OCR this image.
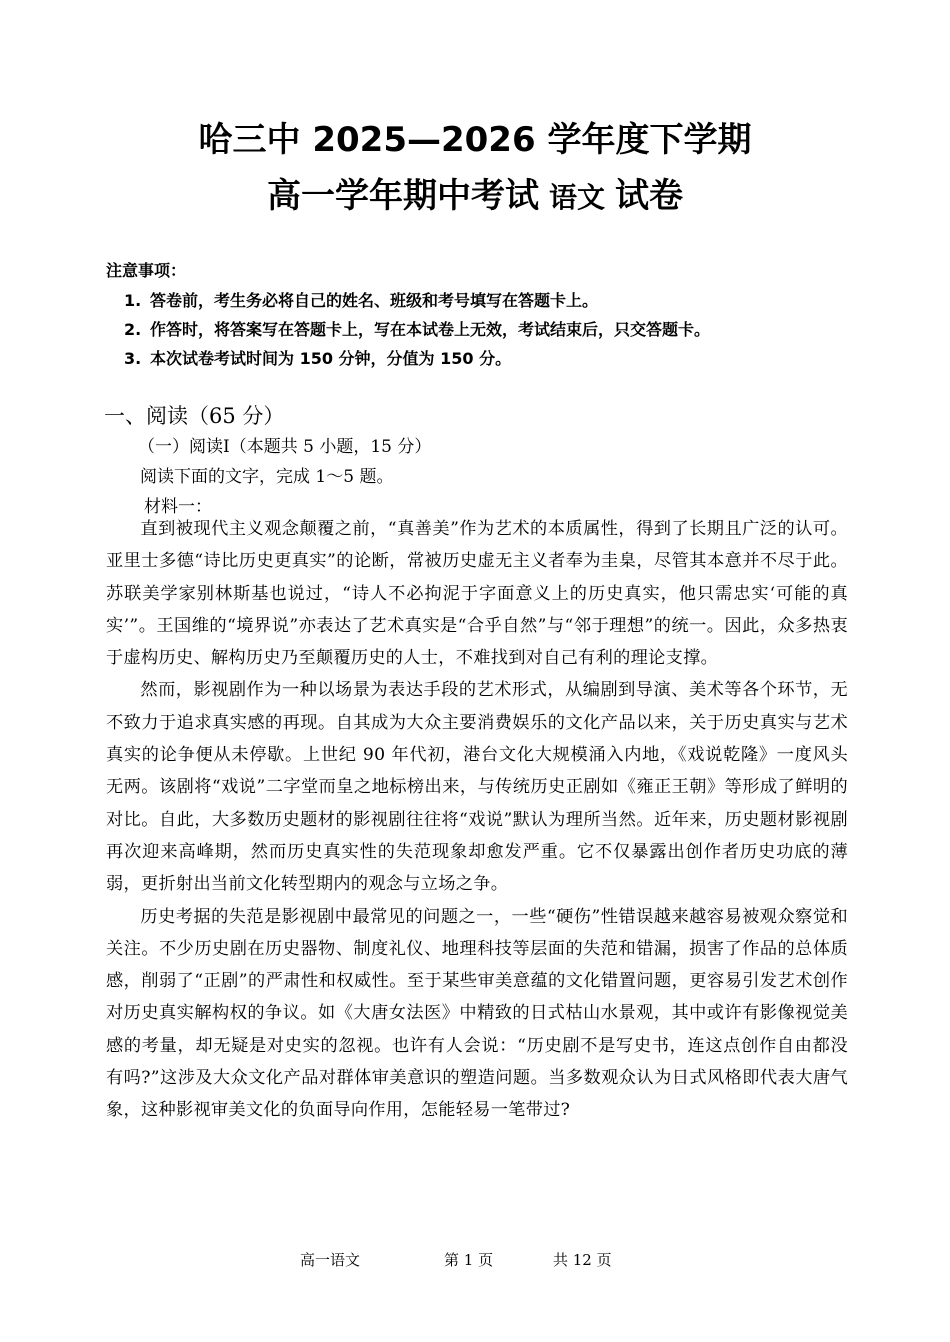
哈三中 2025—2026 学年度下学期
高一学年期中考试 语文 试卷
注意事项：
1. 答卷前，考生务必将自己的姓名、班级和考号填写在答题卡上。
2. 作答时，将答案写在答题卡上，写在本试卷上无效，考试结束后，只交答题卡。
3. 本次试卷考试时间为 150 分钟，分值为 150 分。
一、阅读（65 分）
（一）阅读Ⅰ（本题共 5 小题，15 分）
阅读下面的文字，完成 1～5 题。
材料一：

直到被现代主义观念颠覆之前，“真善美”作为艺术的本质属性，得到了长期且广泛的认可。亚里士多德“诗比历史更真实”的论断，常被历史虚无主义者奉为圭臬，尽管其本意并不尽于此。苏联美学家别林斯基也说过，“诗人不必拘泥于字面意义上的历史真实，他只需忠实‘可能的真实’”。王国维的“境界说”亦表达了艺术真实是“合乎自然”与“邻于理想”的统一。因此，众多热衷于虚构历史、解构历史乃至颠覆历史的人士，不难找到对自己有利的理论支撑。

然而，影视剧作为一种以场景为表达手段的艺术形式，从编剧到导演、美术等各个环节，无不致力于追求真实感的再现。自其成为大众主要消费娱乐的文化产品以来，关于历史真实与艺术真实的论争便从未停歇。上世纪 90 年代初，港台文化大规模涌入内地，《戏说乾隆》一度风头无两。该剧将“戏说”二字堂而皇之地标榜出来，与传统历史正剧如《雍正王朝》等形成了鲜明的对比。自此，大多数历史题材的影视剧往往将“戏说”默认为理所当然。近年来，历史题材影视剧再次迎来高峰期，然而历史真实性的失范现象却愈发严重。它不仅暴露出创作者历史功底的薄弱，更折射出当前文化转型期内的观念与立场之争。

历史考据的失范是影视剧中最常见的问题之一，一些“硬伤”性错误越来越容易被观众察觉和关注。不少历史剧在历史器物、制度礼仪、地理科技等层面的失范和错漏，损害了作品的总体质感，削弱了“正剧”的严肃性和权威性。至于某些审美意蕴的文化错置问题，更容易引发艺术创作对历史真实解构权的争议。如《大唐女法医》中精致的日式枯山水景观，其中或许有影像视觉美感的考量，却无疑是对史实的忽视。也许有人会说：“历史剧不是写史书，连这点创作自由都没有吗?”这涉及大众文化产品对群体审美意识的塑造问题。当多数观众认为日式风格即代表大唐气象，这种影视审美文化的负面导向作用，怎能轻易一笔带过?

高一语文	第 1 页	共 12 页
